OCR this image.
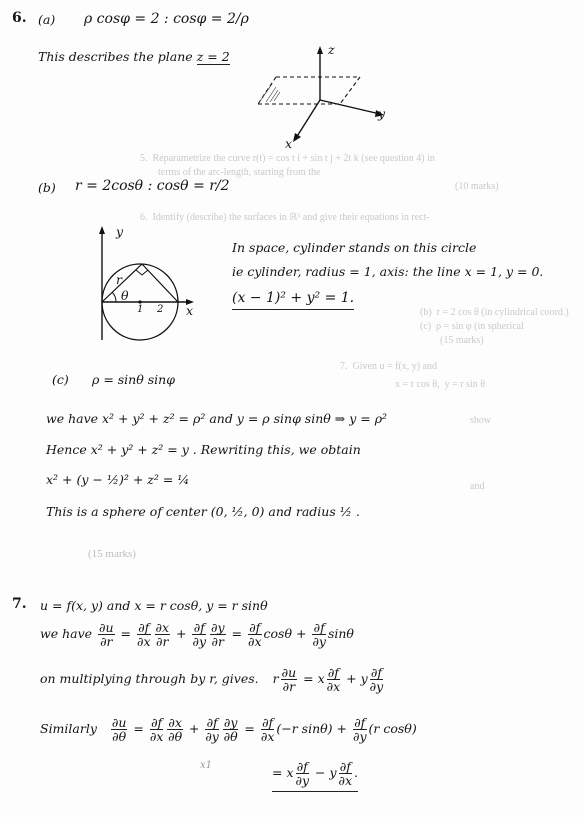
5.  Reparametrize the curve r(t) = cos t i + sin t j + 2t k (see question 4) in
terms of the arc-length, starting from the
(10 marks)
6.  Identify (describe) the surfaces in ℝ³ and give their equations in rect-
(b)  r = 2 cos θ (in cylindrical coord.)
(c)  ρ = sin φ (in spherical
(15 marks)
7.  Given u = f(x, y) and
x = r cos θ,  y = r sin θ
show
and
(15 marks)
6. (a) ρ cosφ = 2 : cosφ = 2/ρ
This describes the plane z = 2	z
y
x
(b) r = 2cosθ : cosθ = r/2
y
x
r
θ
1 2
In space, cylinder stands on this circle
ie cylinder, radius = 1, axis: the line x = 1, y = 0.
(x − 1)² + y² = 1.
(c) ρ = sinθ sinφ
we have x² + y² + z² = ρ² and y = ρ sinφ sinθ ⇒ y = ρ²
Hence x² + y² + z² = y . Rewriting this, we obtain
x² + (y − ½)² + z² = ¼
This is a sphere of center (0, ½, 0) and radius ½ .
7. u = f(x, y) and x = r cosθ, y = r sinθ
we have $\frac{\partial u}{\partial r} = \frac{\partial f}{\partial x} \frac{\partial x}{\partial r} + \frac{\partial f}{\partial y} \frac{\partial y}{\partial r} = \frac{\partial f}{\partial x}$ $\cos\theta + \frac{\partial f}{\partial y}$ sinθ
on multiplying through by r, gives. r $\frac{\partial u}{\partial r} = x \frac{\partial f}{\partial x} + y \frac{\partial f}{\partial y}$
Similarly $\frac{\partial u}{\partial\theta} = \frac{\partial f}{\partial x} \frac{\partial x}{\partial\theta} + \frac{\partial f}{\partial y} \frac{\partial y}{\partial\theta} = \frac{\partial f}{\partial x} (-r$ $\sin\theta) + \frac{\partial f}{\partial y} (r$ cosθ)
= x $\frac{\partial f}{\partial y} - y \frac{\partial f}{\partial x}$ .
x1
